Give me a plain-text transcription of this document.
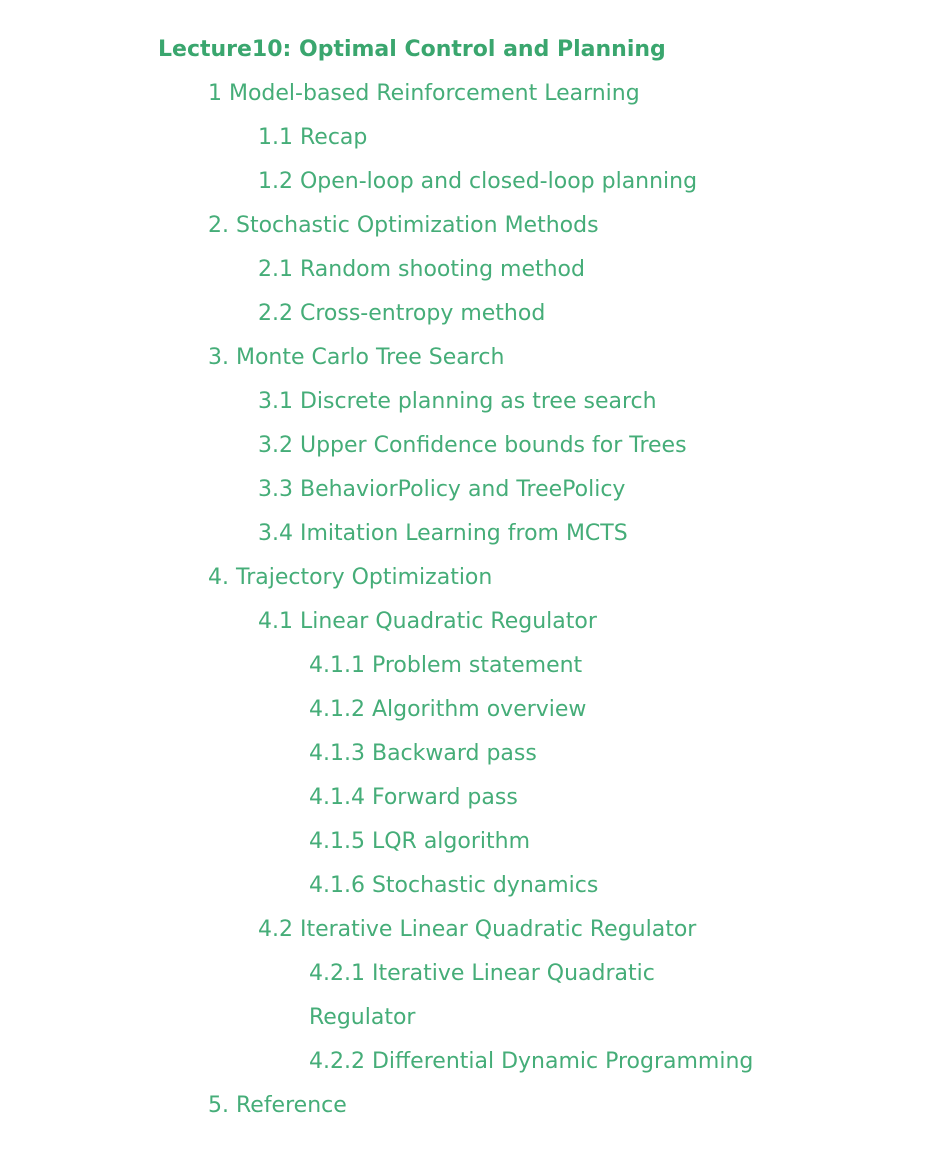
Lecture10: Optimal Control and Planning
1 Model-based Reinforcement Learning
1.1 Recap
1.2 Open-loop and closed-loop planning
2. Stochastic Optimization Methods
2.1 Random shooting method
2.2 Cross-entropy method
3. Monte Carlo Tree Search
3.1 Discrete planning as tree search
3.2 Upper Confidence bounds for Trees
3.3 BehaviorPolicy and TreePolicy
3.4 Imitation Learning from MCTS
4. Trajectory Optimization
4.1 Linear Quadratic Regulator
4.1.1 Problem statement
4.1.2 Algorithm overview
4.1.3 Backward pass
4.1.4 Forward pass
4.1.5 LQR algorithm
4.1.6 Stochastic dynamics
4.2 Iterative Linear Quadratic Regulator
4.2.1 Iterative Linear Quadratic Regulator
4.2.2 Differential Dynamic Programming
5. Reference
